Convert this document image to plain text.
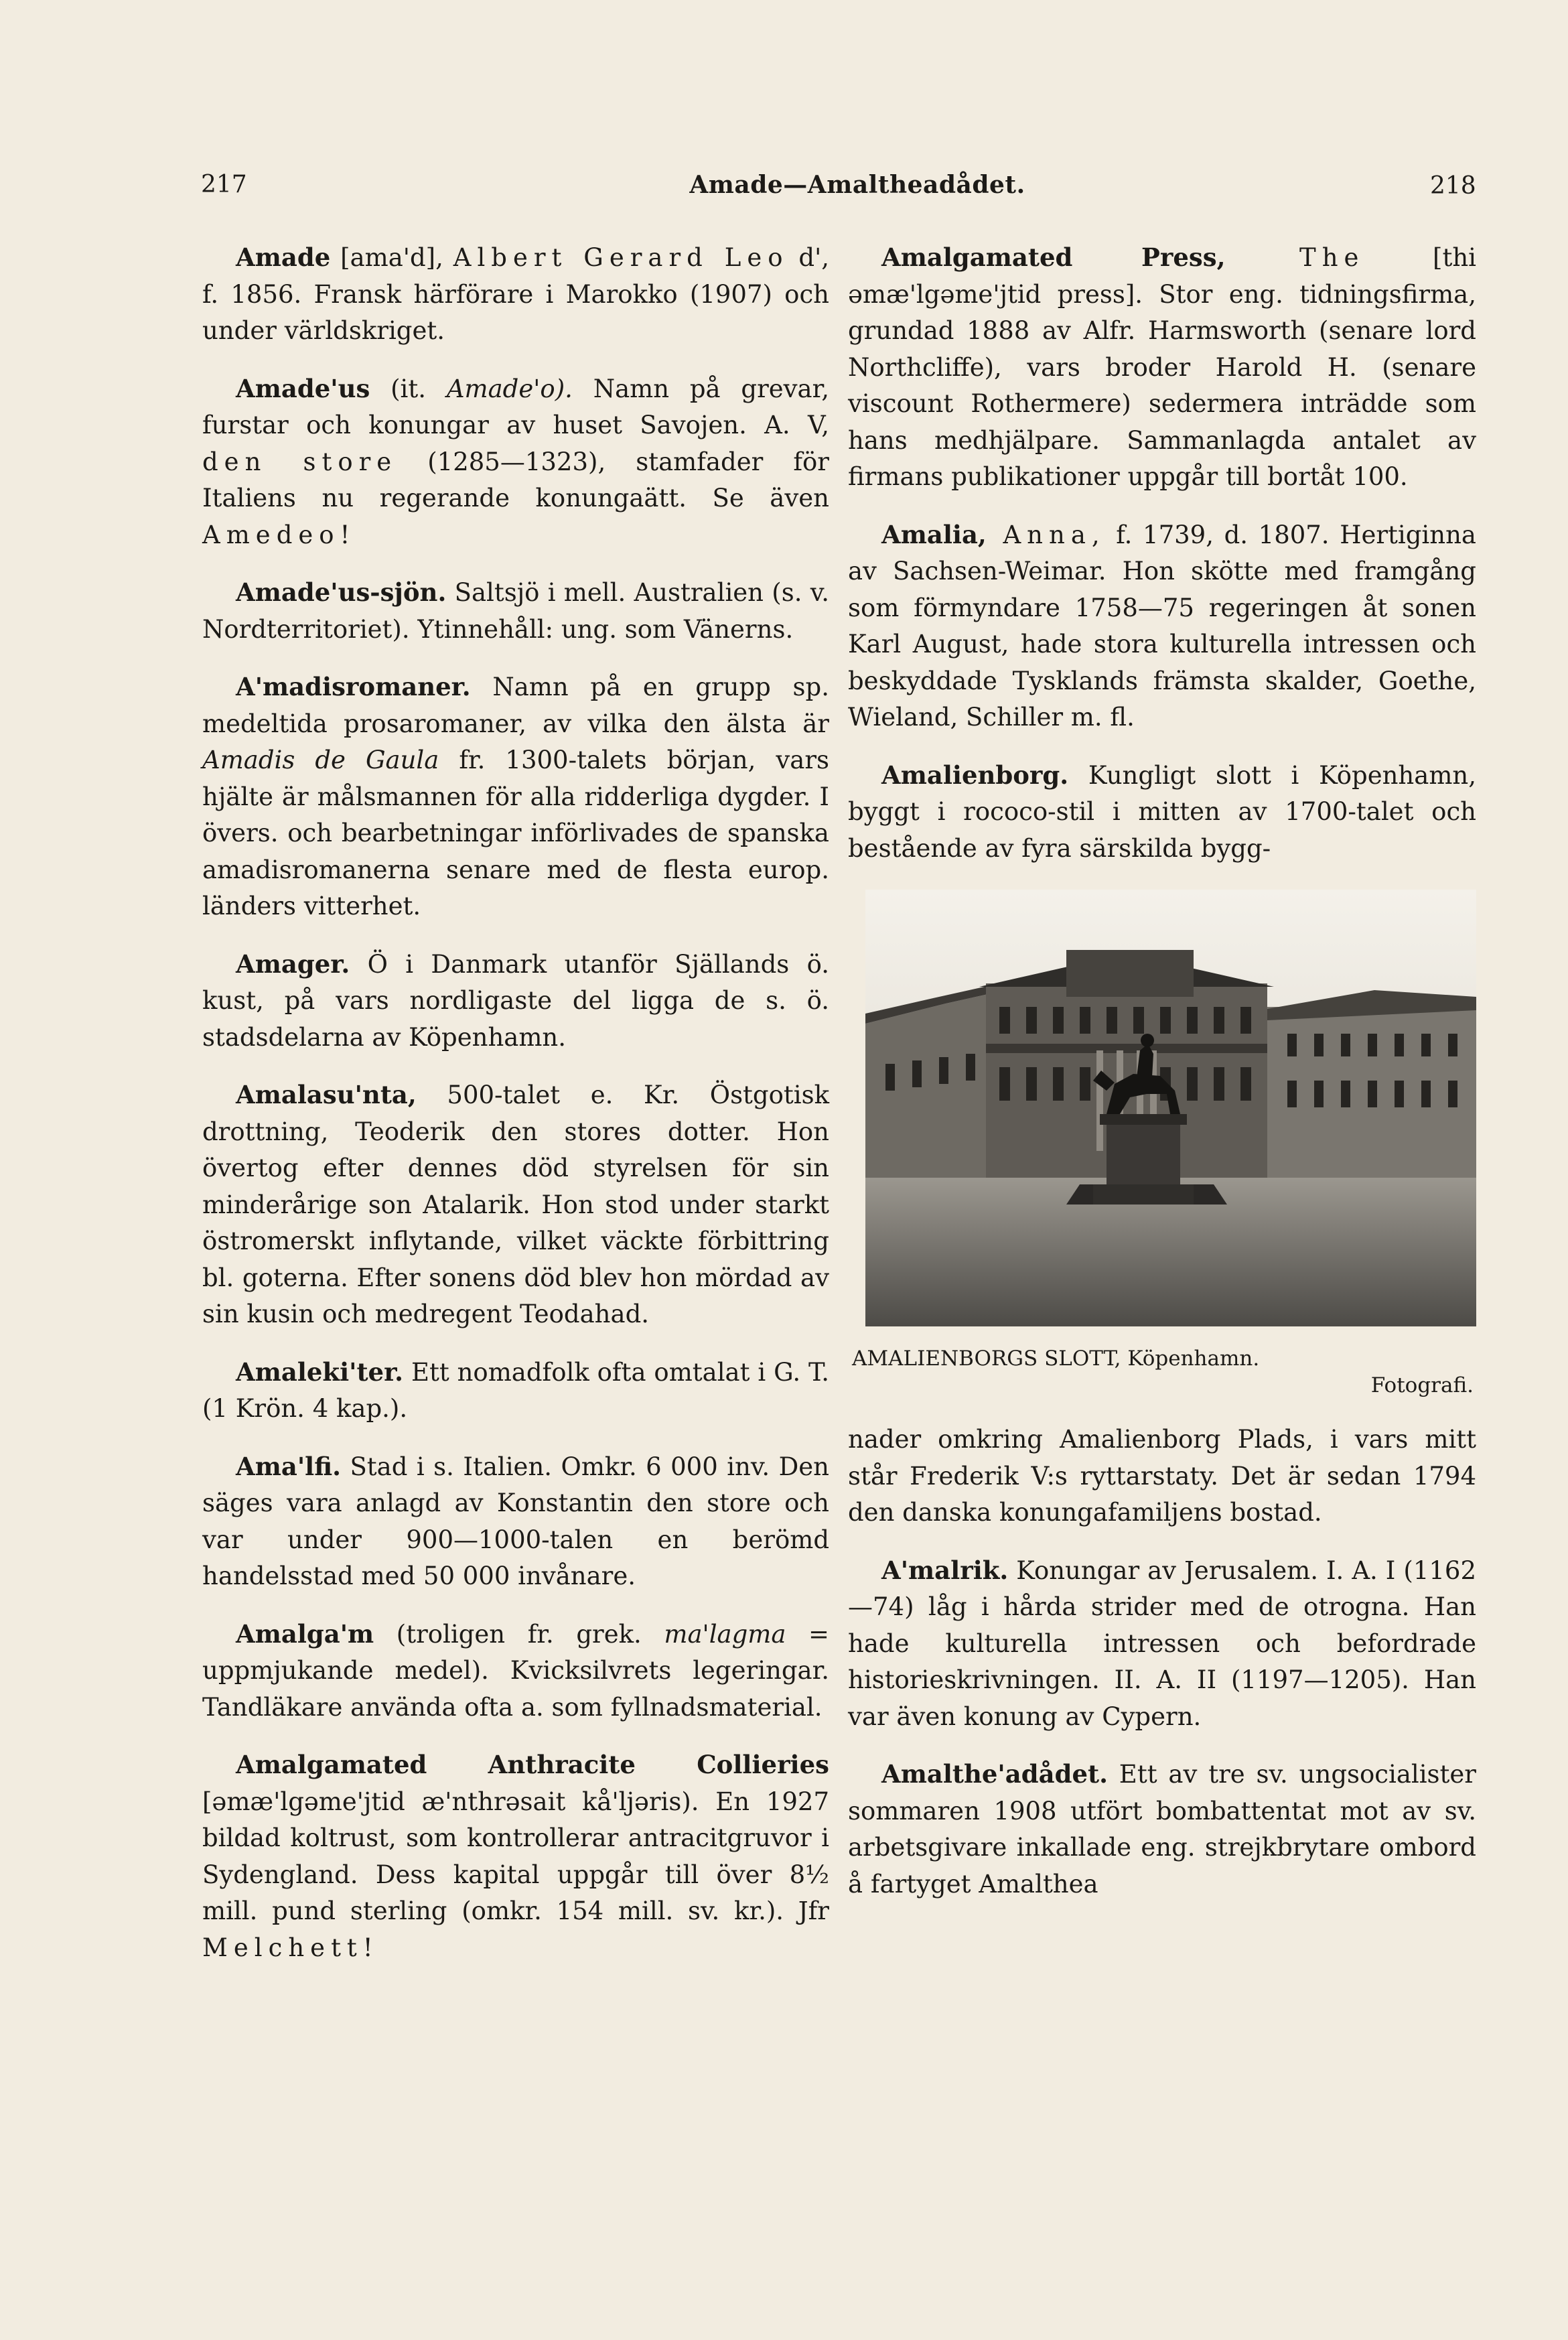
217	Amade—Amaltheadådet.	218

Amade [ama'd], Albert Gerard Leo d', f. 1856. Fransk härförare i Marokko (1907) och under världskriget.

Amade'us (it. Amade'o). Namn på grevar, furstar och konungar av huset Savojen. A. V, den store (1285—1323), stamfader för Italiens nu regerande konungaätt. Se även Amedeo!

Amade'us-sjön. Saltsjö i mell. Australien (s. v. Nordterritoriet). Ytinnehåll: ung. som Vänerns.

A'madisromaner. Namn på en grupp sp. medeltida prosaromaner, av vilka den älsta är Amadis de Gaula fr. 1300-talets början, vars hjälte är målsmannen för alla ridderliga dygder. I övers. och bearbetningar införlivades de spanska amadisromanerna senare med de flesta europ. länders vitterhet.

Amager. Ö i Danmark utanför Själlands ö. kust, på vars nordligaste del ligga de s. ö. stadsdelarna av Köpenhamn.

Amalasu'nta, 500-talet e. Kr. Östgotisk drottning, Teoderik den stores dotter. Hon övertog efter dennes död styrelsen för sin minderårige son Atalarik. Hon stod under starkt östromerskt inflytande, vilket väckte förbittring bl. goterna. Efter sonens död blev hon mördad av sin kusin och medregent Teodahad.

Amaleki'ter. Ett nomadfolk ofta omtalat i G. T. (1 Krön. 4 kap.).

Ama'lfi. Stad i s. Italien. Omkr. 6 000 inv. Den säges vara anlagd av Konstantin den store och var under 900—1000-talen en berömd handelsstad med 50 000 invånare.

Amalga'm (troligen fr. grek. ma'lagma = uppmjukande medel). Kvicksilvrets legeringar. Tandläkare använda ofta a. som fyllnadsmaterial.

Amalgamated Anthracite Collieries [əmæ'lgəme'jtid æ'nthrəsait kå'ljəris). En 1927 bildad koltrust, som kontrollerar antracitgruvor i Sydengland. Dess kapital uppgår till över 8½ mill. pund sterling (omkr. 154 mill. sv. kr.). Jfr Melchett!

Amalgamated Press, The [thi əmæ'lgəme'jtid press]. Stor eng. tidningsfirma, grundad 1888 av Alfr. Harmsworth (senare lord Northcliffe), vars broder Harold H. (senare viscount Rothermere) sedermera inträdde som hans medhjälpare. Sammanlagda antalet av firmans publikationer uppgår till bortåt 100.

Amalia, Anna, f. 1739, d. 1807. Hertiginna av Sachsen-Weimar. Hon skötte med framgång som förmyndare 1758—75 regeringen åt sonen Karl August, hade stora kulturella intressen och beskyddade Tysklands främsta skalder, Goethe, Wieland, Schiller m. fl.

Amalienborg. Kungligt slott i Köpenhamn, byggt i rococo-stil i mitten av 1700-talet och bestående av fyra särskilda bygg-

AMALIENBORGS SLOTT, Köpenhamn.
Fotografi.

nader omkring Amalienborg Plads, i vars mitt står Frederik V:s ryttarstaty. Det är sedan 1794 den danska konungafamiljens bostad.

A'malrik. Konungar av Jerusalem. I. A. I (1162—74) låg i hårda strider med de otrogna. Han hade kulturella intressen och befordrade historieskrivningen. II. A. II (1197—1205). Han var även konung av Cypern.

Amalthe'adådet. Ett av tre sv. ungsocialister sommaren 1908 utfört bombattentat mot av sv. arbetsgivare inkallade eng. strejkbrytare ombord å fartyget Amalthea
